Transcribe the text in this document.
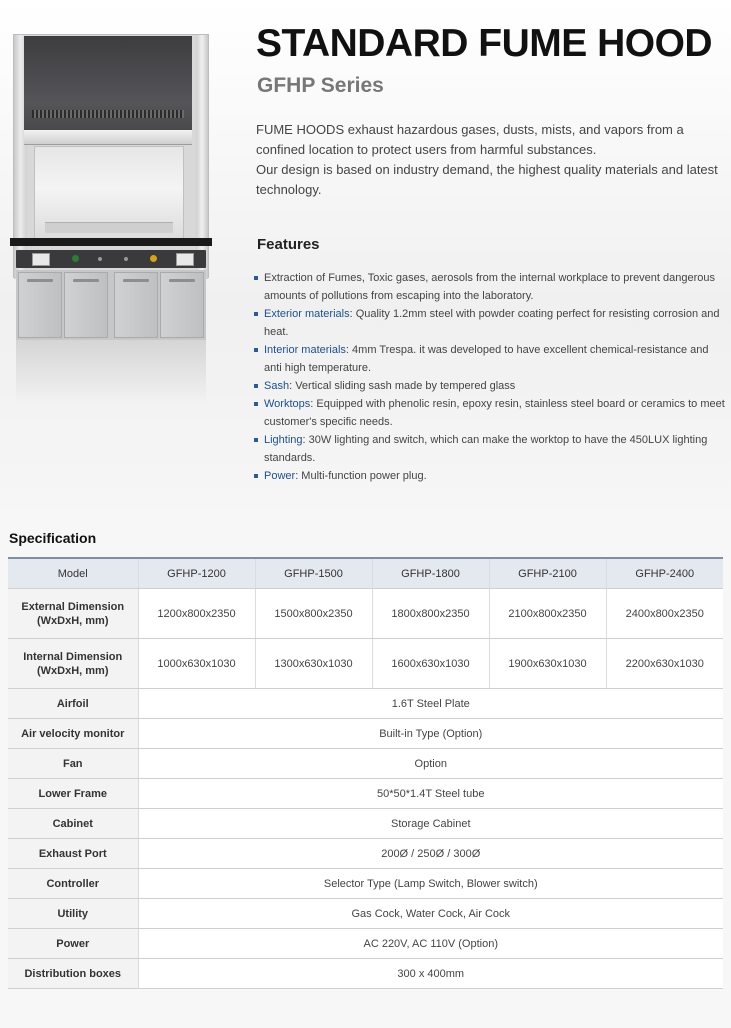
STANDARD FUME HOOD
GFHP Series

FUME HOODS exhaust hazardous gases, dusts, mists, and vapors from a confined location to protect users from harmful substances.

Our design is based on industry demand, the highest quality materials and latest technology.

Features
Extraction of Fumes, Toxic gases, aerosols from the internal workplace to prevent dangerous amounts of pollutions from escaping into the laboratory.
Exterior materials: Quality 1.2mm steel with powder coating perfect for resisting corrosion and heat.
Interior materials: 4mm Trespa. it was developed to have excellent chemical-resistance and anti high temperature.
Sash: Vertical sliding sash made by tempered glass
Worktops: Equipped with phenolic resin, epoxy resin, stainless steel board or ceramics to meet customer's specific needs.
Lighting: 30W lighting and switch, which can make the worktop to have the 450LUX lighting standards.
Power: Multi-function power plug.
Specification
Model	GFHP-1200	GFHP-1500	GFHP-1800	GFHP-2100	GFHP-2400
External Dimension
(WxDxH, mm)	1200x800x2350	1500x800x2350	1800x800x2350	2100x800x2350	2400x800x2350
Internal Dimension
(WxDxH, mm)	1000x630x1030	1300x630x1030	1600x630x1030	1900x630x1030	2200x630x1030
Airfoil	1.6T Steel Plate				
Air velocity monitor	Built-in Type (Option)				
Fan	Option				
Lower Frame	50*50*1.4T Steel tube				
Cabinet	Storage Cabinet				
Exhaust Port	200Ø / 250Ø / 300Ø				
Controller	Selector Type (Lamp Switch, Blower switch)				
Utility	Gas Cock, Water Cock, Air Cock				
Power	AC 220V, AC 110V (Option)				
Distribution boxes	300 x 400mm				
